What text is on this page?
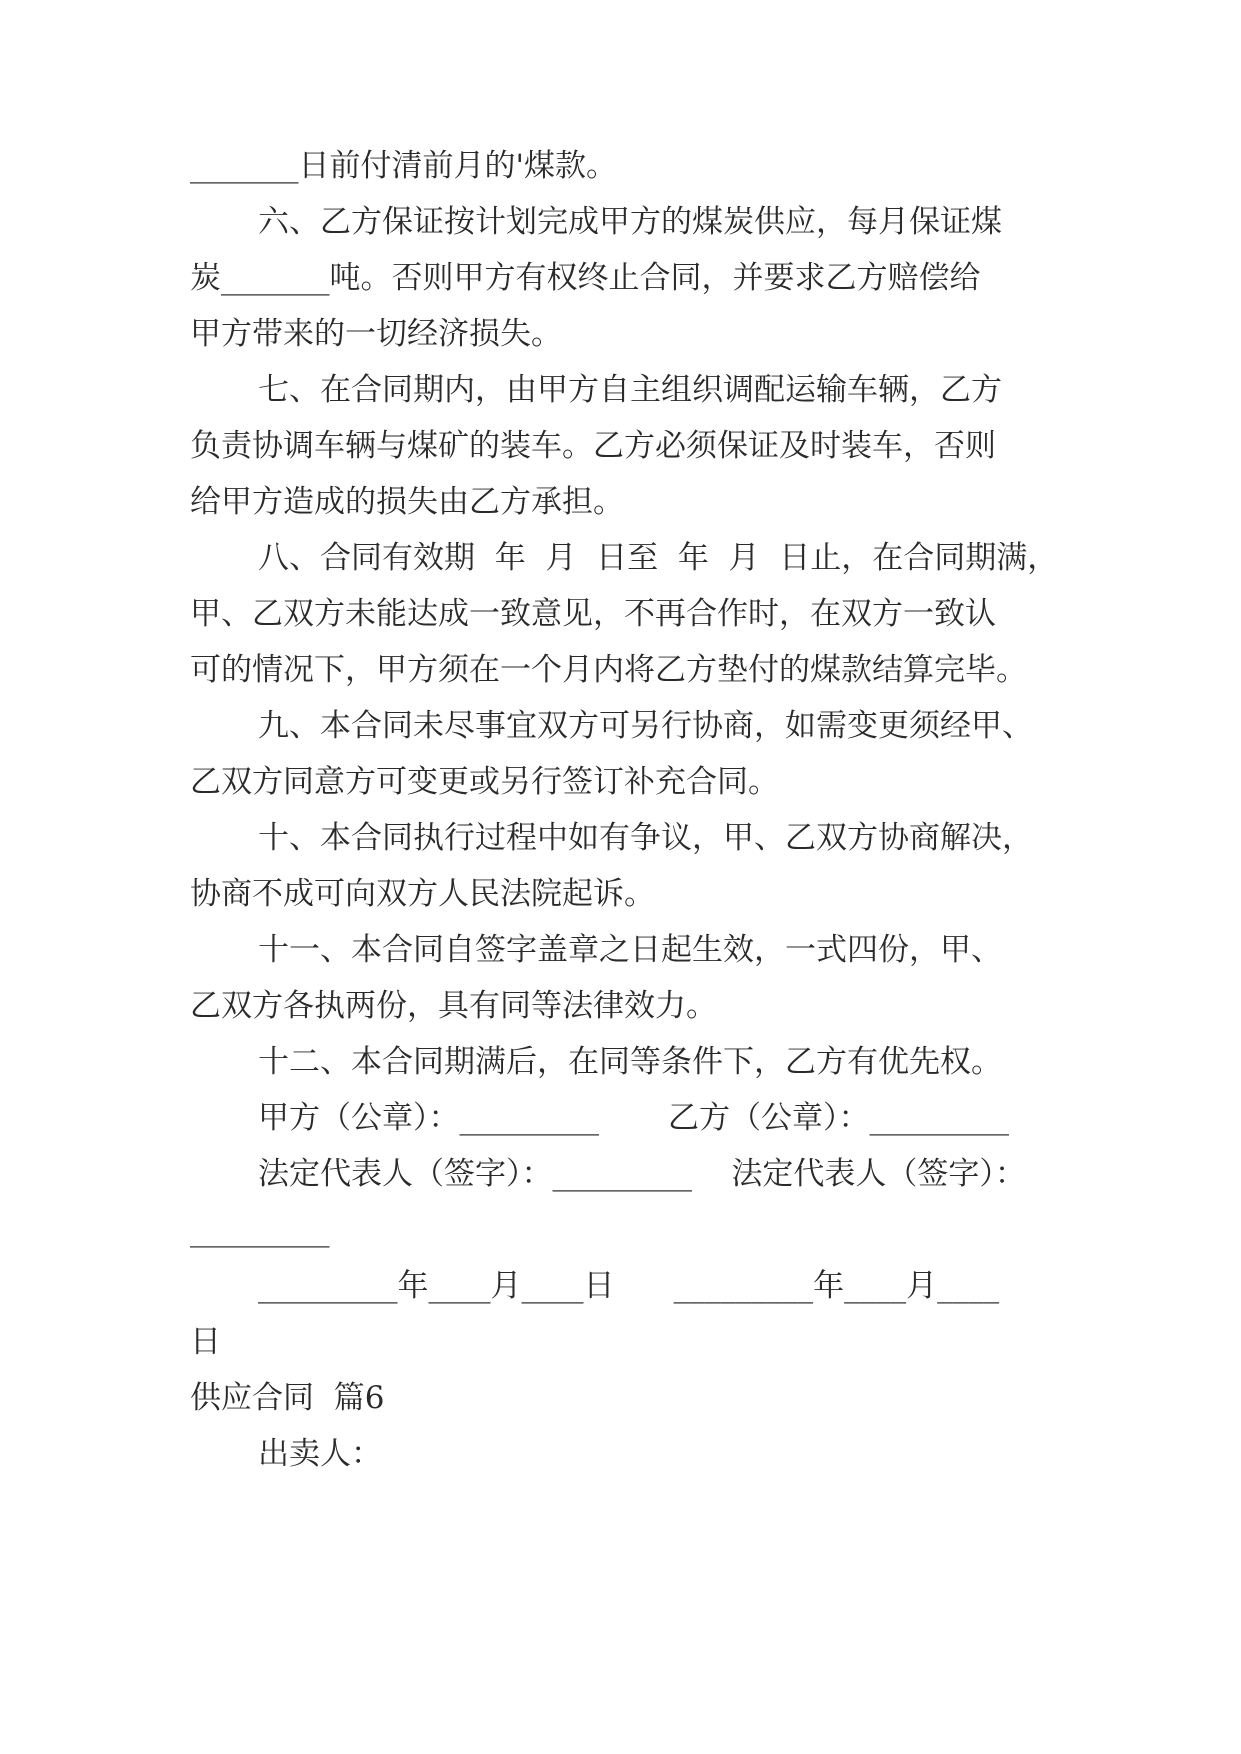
_______日前付清前月的'煤款。

六、乙方保证按计划完成甲方的煤炭供应，每月保证煤

炭_______吨。否则甲方有权终止合同，并要求乙方赔偿给

甲方带来的一切经济损失。

七、在合同期内，由甲方自主组织调配运输车辆，乙方

负责协调车辆与煤矿的装车。乙方必须保证及时装车，否则

给甲方造成的损失由乙方承担。

八、合同有效期  年  月  日至  年  月  日止，在合同期满，

甲、乙双方未能达成一致意见，不再合作时，在双方一致认

可的情况下，甲方须在一个月内将乙方垫付的煤款结算完毕。

九、本合同未尽事宜双方可另行协商，如需变更须经甲、

乙双方同意方可变更或另行签订补充合同。

十、本合同执行过程中如有争议，甲、乙双方协商解决，

协商不成可向双方人民法院起诉。

十一、本合同自签字盖章之日起生效，一式四份，甲、

乙双方各执两份，具有同等法律效力。

十二、本合同期满后，在同等条件下，乙方有优先权。

甲方（公章）：_________       乙方（公章）：_________

法定代表人（签字）：_________    法定代表人（签字）：

_________

_________年____月____日      _________年____月____

日

供应合同  篇6

出卖人：
